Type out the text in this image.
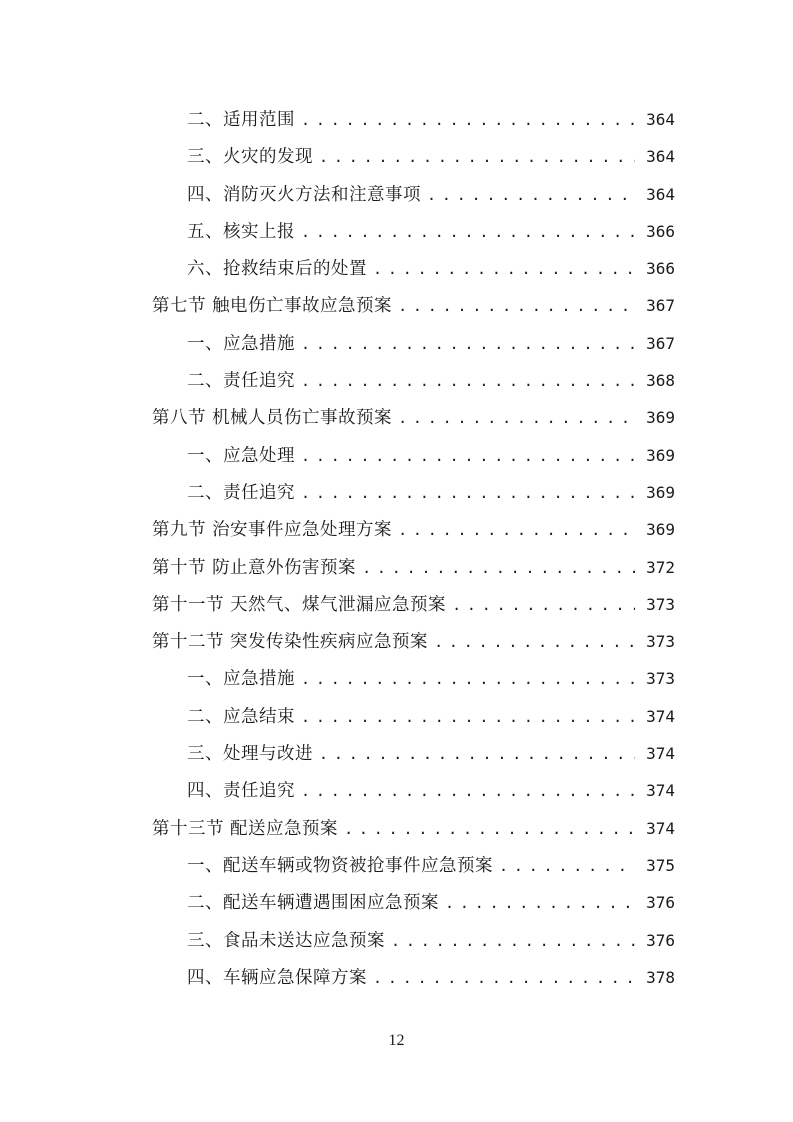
二、适用范围 . . .	364
三、火灾的发现 . . .	364
四、消防灭火方法和注意事项 . . .	364
五、核实上报 . . .	366
六、抢救结束后的处置 . . .	366
第七节 触电伤亡事故应急预案 . . .	367
一、应急措施 . . .	367
二、责任追究 . . .	368
第八节 机械人员伤亡事故预案 . . .	369
一、应急处理 . . .	369
二、责任追究 . . .	369
第九节 治安事件应急处理方案 . . .	369
第十节 防止意外伤害预案 . . .	372
第十一节 天然气、煤气泄漏应急预案 . . .	373
第十二节 突发传染性疾病应急预案 . . .	373
一、应急措施 . . .	373
二、应急结束 . . .	374
三、处理与改进 . . .	374
四、责任追究 . . .	374
第十三节 配送应急预案 . . .	374
一、配送车辆或物资被抢事件应急预案 . . .	375
二、配送车辆遭遇围困应急预案 . . .	376
三、食品未送达应急预案 . . .	376
四、车辆应急保障方案 . . .	378
12
